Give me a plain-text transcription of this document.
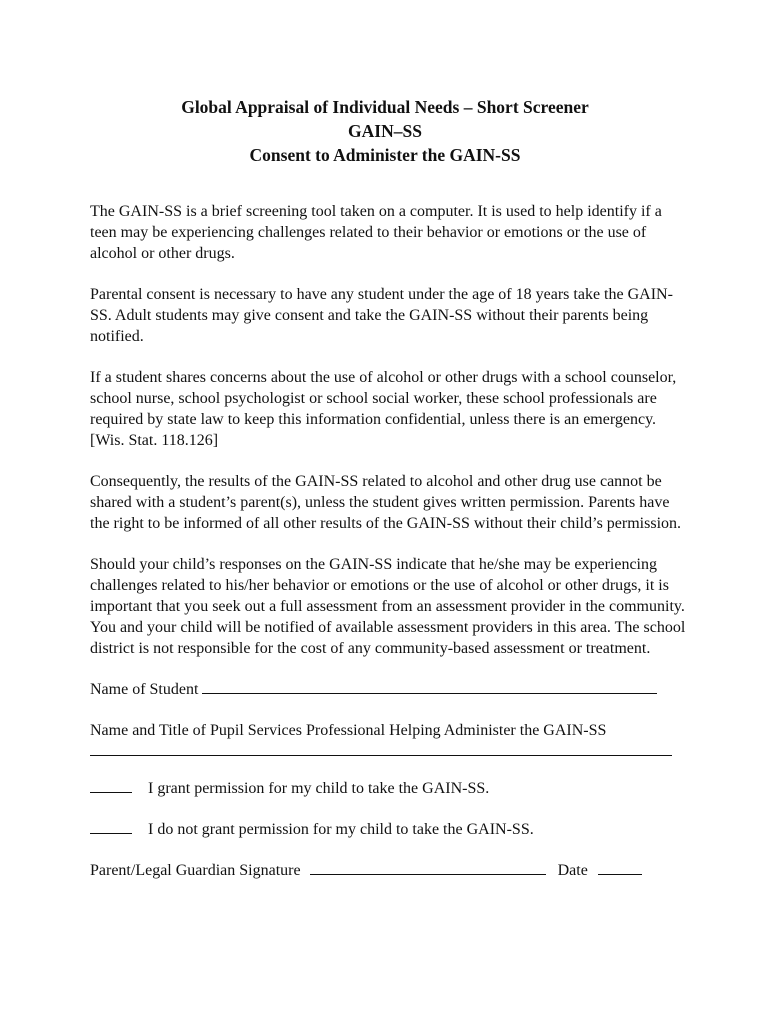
Global Appraisal of Individual Needs – Short Screener
GAIN–SS
Consent to Administer the GAIN-SS

The GAIN-SS is a brief screening tool taken on a computer. It is used to help identify if a teen may be experiencing challenges related to their behavior or emotions or the use of alcohol or other drugs.

Parental consent is necessary to have any student under the age of 18 years take the GAIN-SS. Adult students may give consent and take the GAIN-SS without their parents being notified.

If a student shares concerns about the use of alcohol or other drugs with a school counselor, school nurse, school psychologist or school social worker, these school professionals are required by state law to keep this information confidential, unless there is an emergency. [Wis. Stat. 118.126]

Consequently, the results of the GAIN-SS related to alcohol and other drug use cannot be shared with a student’s parent(s), unless the student gives written permission. Parents have the right to be informed of all other results of the GAIN-SS without their child’s permission.

Should your child’s responses on the GAIN-SS indicate that he/she may be experiencing challenges related to his/her behavior or emotions or the use of alcohol or other drugs, it is important that you seek out a full assessment from an assessment provider in the community. You and your child will be notified of available assessment providers in this area. The school district is not responsible for the cost of any community-based assessment or treatment.

Name of Student
Name and Title of Pupil Services Professional Helping Administer the GAIN-SS
I grant permission for my child to take the GAIN-SS.
I do not grant permission for my child to take the GAIN-SS.
Parent/Legal Guardian Signature	Date
